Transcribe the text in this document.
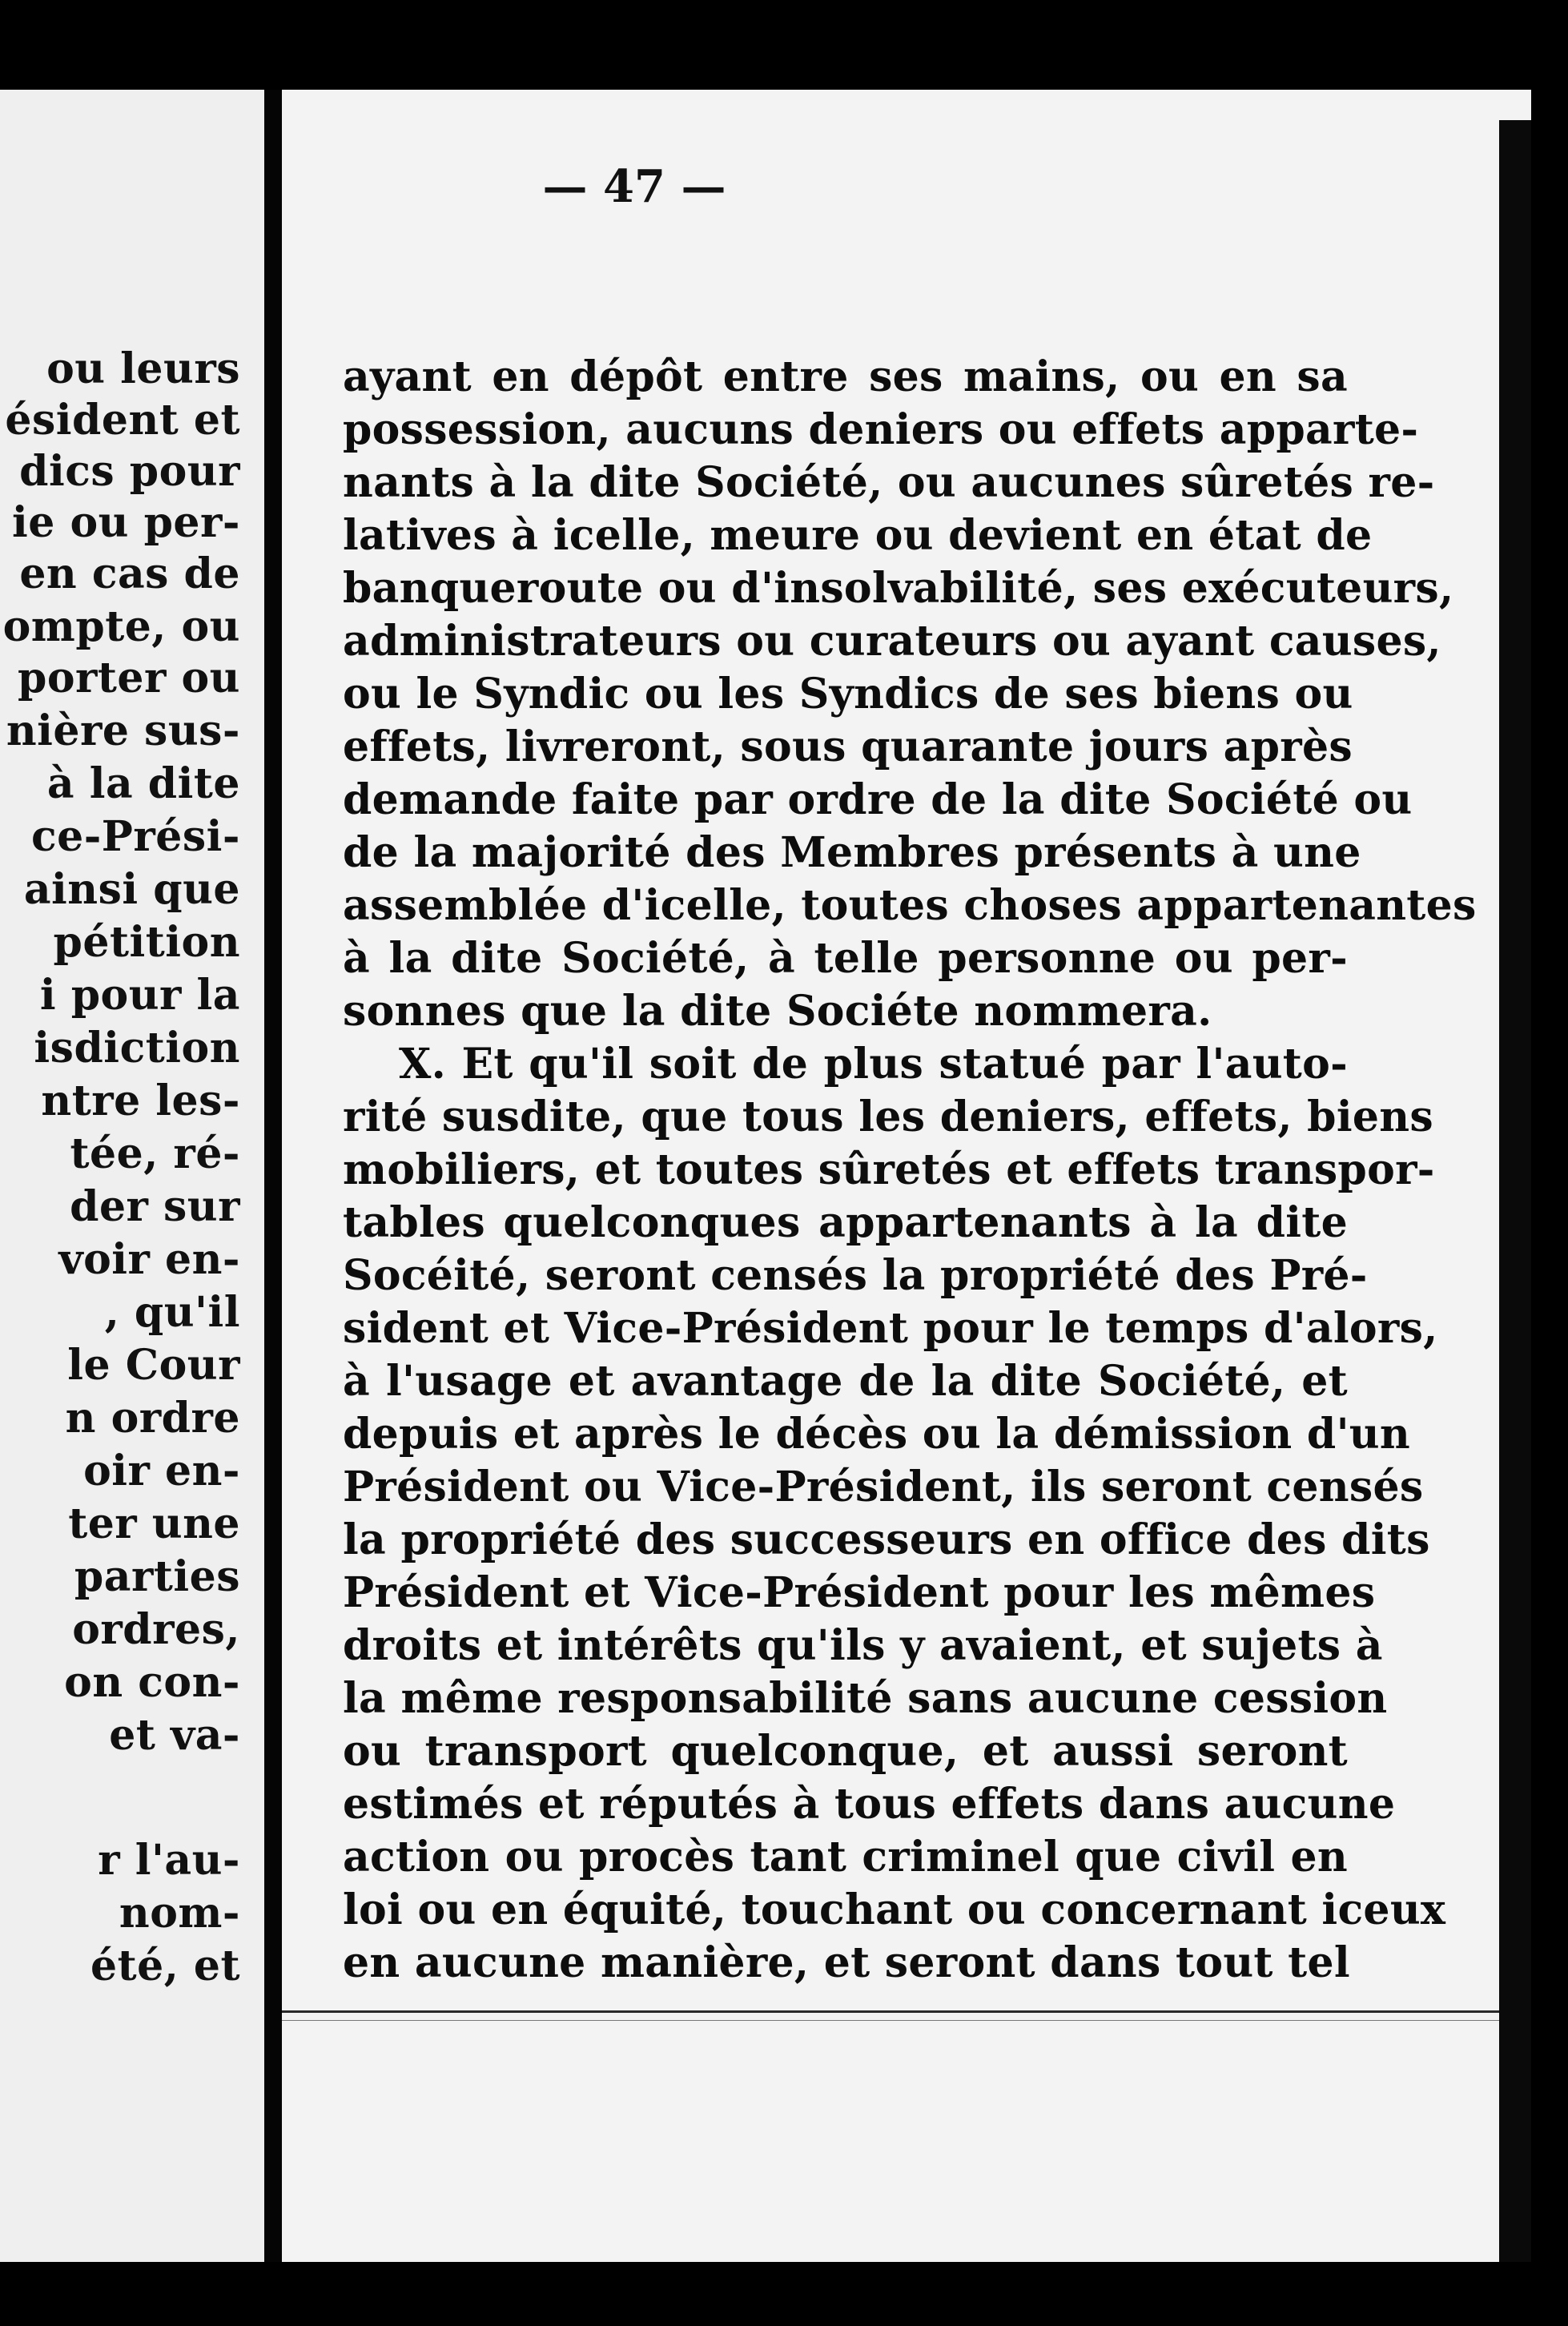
ou leurs
ésident et
dics pour
ie ou per-
en cas de
ompte, ou
porter ou
nière sus-
à la dite
ce-Prési-
ainsi que
pétition
i pour la
isdiction
ntre les-
tée, ré-
der sur
voir en-
, qu'il
le Cour
n ordre
oir en-
ter une
parties
ordres,
on con-
et va-
r l'au-
nom-
été, et
— 47 —
ayant en dépôt entre ses mains, ou en sa
possession, aucuns deniers ou effets apparte-
nants à la dite Société, ou aucunes sûretés re-
latives à icelle, meure ou devient en état de
banqueroute ou d'insolvabilité, ses exécuteurs,
administrateurs ou curateurs ou ayant causes,
ou le Syndic ou les Syndics de ses biens ou
effets, livreront, sous quarante jours après
demande faite par ordre de la dite Société ou
de la majorité des Membres présents à une
assemblée d'icelle, toutes choses appartenantes
à la dite Société, à telle personne ou per-
sonnes que la dite Sociéte nommera.
X. Et qu'il soit de plus statué par l'auto-
rité susdite, que tous les deniers, effets, biens
mobiliers, et toutes sûretés et effets transpor-
tables quelconques appartenants à la dite
Socéité, seront censés la propriété des Pré-
sident et Vice-Président pour le temps d'alors,
à l'usage et avantage de la dite Société, et
depuis et après le décès ou la démission d'un
Président ou Vice-Président, ils seront censés
la propriété des successeurs en office des dits
Président et Vice-Président pour les mêmes
droits et intérêts qu'ils y avaient, et sujets à
la même responsabilité sans aucune cession
ou transport quelconque, et aussi seront
estimés et réputés à tous effets dans aucune
action ou procès tant criminel que civil en
loi ou en équité, touchant ou concernant iceux
en aucune manière, et seront dans tout tel
